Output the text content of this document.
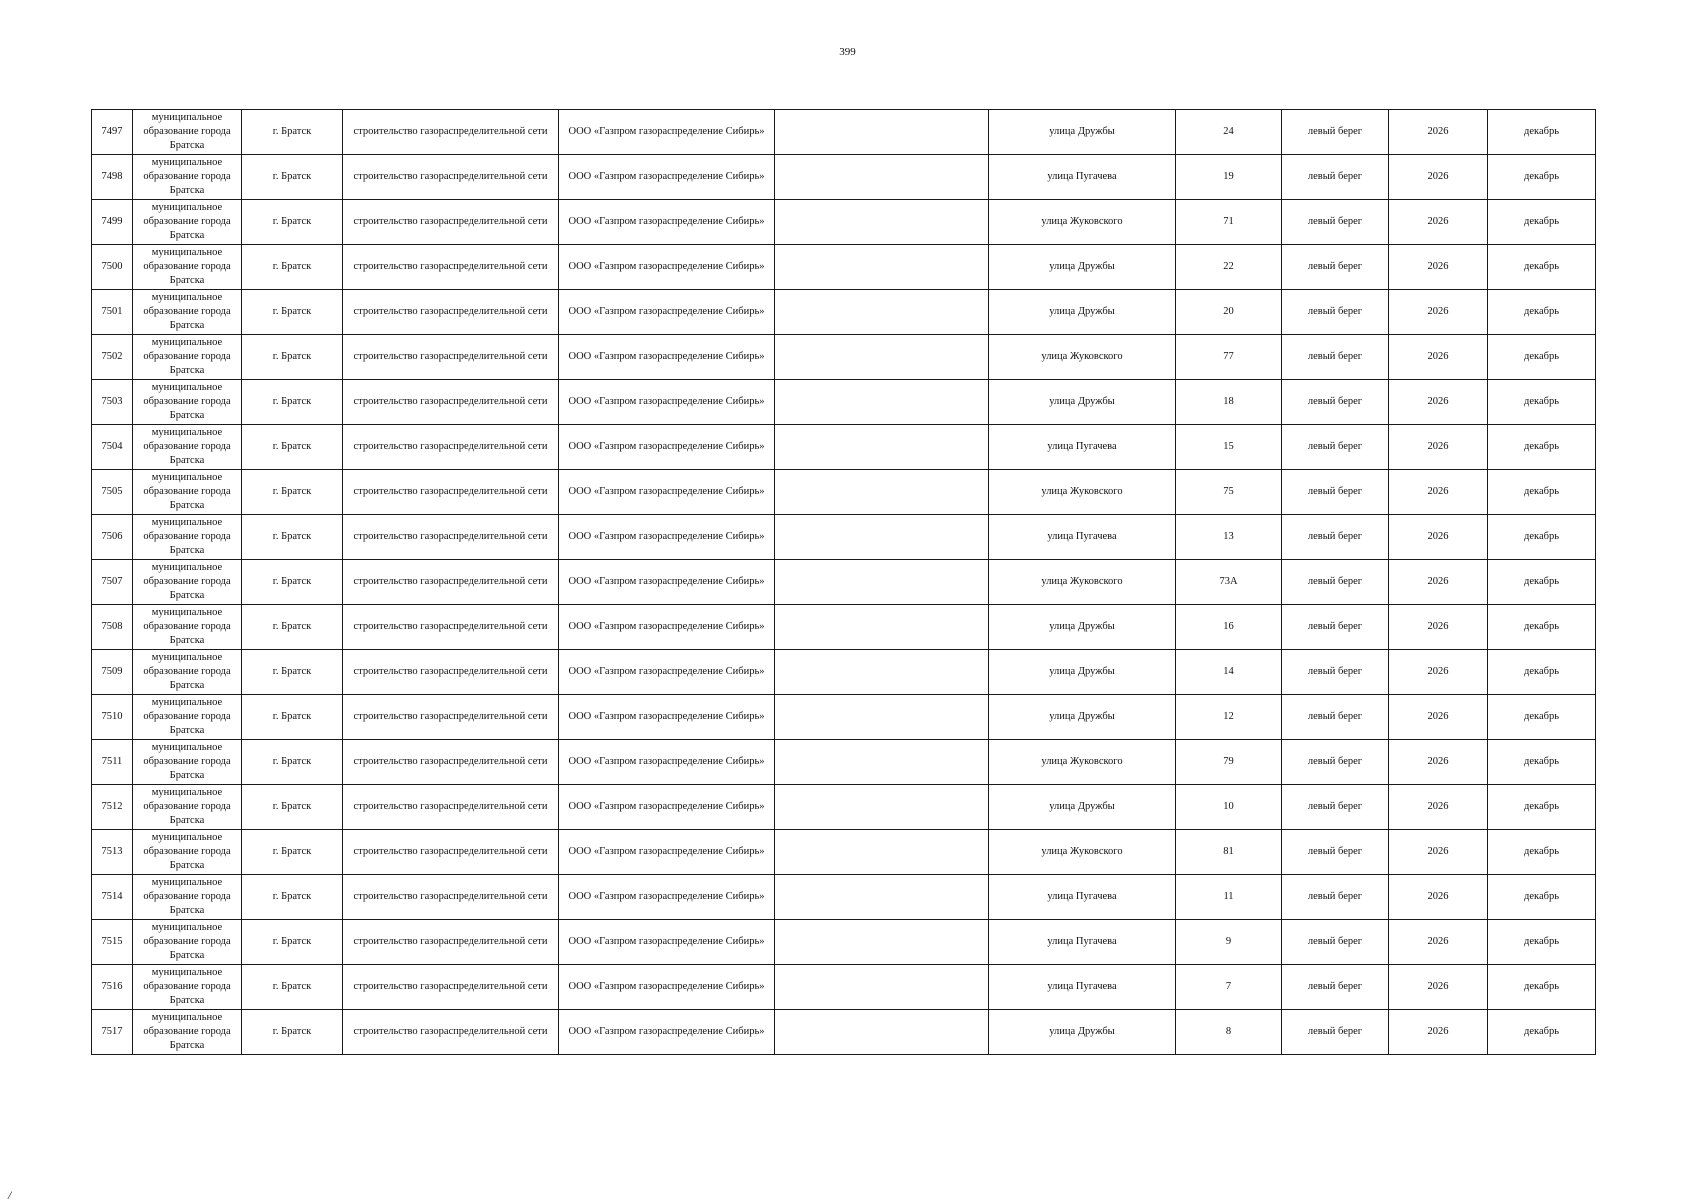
399
7497	муниципальное образование города Братска	г. Братск	строительство газораспределительной сети	ООО «Газпром газораспределение Сибирь»		улица Дружбы	24	левый берег	2026	декабрь
7498	муниципальное образование города Братска	г. Братск	строительство газораспределительной сети	ООО «Газпром газораспределение Сибирь»		улица Пугачева	19	левый берег	2026	декабрь
7499	муниципальное образование города Братска	г. Братск	строительство газораспределительной сети	ООО «Газпром газораспределение Сибирь»		улица Жуковского	71	левый берег	2026	декабрь
7500	муниципальное образование города Братска	г. Братск	строительство газораспределительной сети	ООО «Газпром газораспределение Сибирь»		улица Дружбы	22	левый берег	2026	декабрь
7501	муниципальное образование города Братска	г. Братск	строительство газораспределительной сети	ООО «Газпром газораспределение Сибирь»		улица Дружбы	20	левый берег	2026	декабрь
7502	муниципальное образование города Братска	г. Братск	строительство газораспределительной сети	ООО «Газпром газораспределение Сибирь»		улица Жуковского	77	левый берег	2026	декабрь
7503	муниципальное образование города Братска	г. Братск	строительство газораспределительной сети	ООО «Газпром газораспределение Сибирь»		улица Дружбы	18	левый берег	2026	декабрь
7504	муниципальное образование города Братска	г. Братск	строительство газораспределительной сети	ООО «Газпром газораспределение Сибирь»		улица Пугачева	15	левый берег	2026	декабрь
7505	муниципальное образование города Братска	г. Братск	строительство газораспределительной сети	ООО «Газпром газораспределение Сибирь»		улица Жуковского	75	левый берег	2026	декабрь
7506	муниципальное образование города Братска	г. Братск	строительство газораспределительной сети	ООО «Газпром газораспределение Сибирь»		улица Пугачева	13	левый берег	2026	декабрь
7507	муниципальное образование города Братска	г. Братск	строительство газораспределительной сети	ООО «Газпром газораспределение Сибирь»		улица Жуковского	73А	левый берег	2026	декабрь
7508	муниципальное образование города Братска	г. Братск	строительство газораспределительной сети	ООО «Газпром газораспределение Сибирь»		улица Дружбы	16	левый берег	2026	декабрь
7509	муниципальное образование города Братска	г. Братск	строительство газораспределительной сети	ООО «Газпром газораспределение Сибирь»		улица Дружбы	14	левый берег	2026	декабрь
7510	муниципальное образование города Братска	г. Братск	строительство газораспределительной сети	ООО «Газпром газораспределение Сибирь»		улица Дружбы	12	левый берег	2026	декабрь
7511	муниципальное образование города Братска	г. Братск	строительство газораспределительной сети	ООО «Газпром газораспределение Сибирь»		улица Жуковского	79	левый берег	2026	декабрь
7512	муниципальное образование города Братска	г. Братск	строительство газораспределительной сети	ООО «Газпром газораспределение Сибирь»		улица Дружбы	10	левый берег	2026	декабрь
7513	муниципальное образование города Братска	г. Братск	строительство газораспределительной сети	ООО «Газпром газораспределение Сибирь»		улица Жуковского	81	левый берег	2026	декабрь
7514	муниципальное образование города Братска	г. Братск	строительство газораспределительной сети	ООО «Газпром газораспределение Сибирь»		улица Пугачева	11	левый берег	2026	декабрь
7515	муниципальное образование города Братска	г. Братск	строительство газораспределительной сети	ООО «Газпром газораспределение Сибирь»		улица Пугачева	9	левый берег	2026	декабрь
7516	муниципальное образование города Братска	г. Братск	строительство газораспределительной сети	ООО «Газпром газораспределение Сибирь»		улица Пугачева	7	левый берег	2026	декабрь
7517	муниципальное образование города Братска	г. Братск	строительство газораспределительной сети	ООО «Газпром газораспределение Сибирь»		улица Дружбы	8	левый берег	2026	декабрь
/
